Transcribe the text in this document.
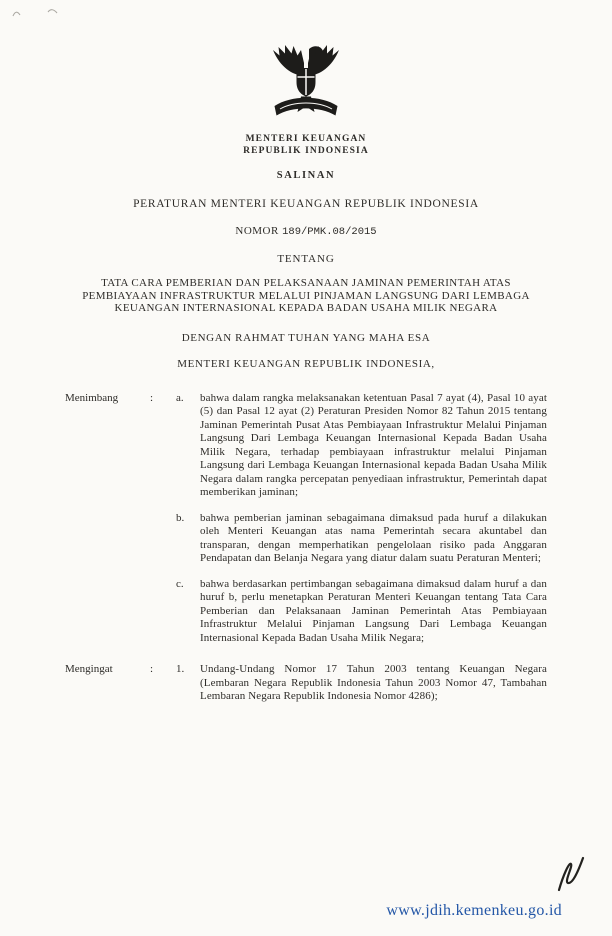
MENTERI KEUANGAN
REPUBLIK INDONESIA
SALINAN
PERATURAN MENTERI KEUANGAN REPUBLIK INDONESIA
NOMOR 189/PMK.08/2015
TENTANG
TATA CARA PEMBERIAN DAN PELAKSANAAN JAMINAN PEMERINTAH ATAS PEMBIAYAAN INFRASTRUKTUR MELALUI PINJAMAN LANGSUNG DARI LEMBAGA KEUANGAN INTERNASIONAL KEPADA BADAN USAHA MILIK NEGARA
DENGAN RAHMAT TUHAN YANG MAHA ESA
MENTERI KEUANGAN REPUBLIK INDONESIA,
Menimbang	:	a.	bahwa dalam rangka melaksanakan ketentuan Pasal 7 ayat (4), Pasal 10 ayat (5) dan Pasal 12 ayat (2) Peraturan Presiden Nomor 82 Tahun 2015 tentang Jaminan Pemerintah Pusat Atas Pembiayaan Infrastruktur Melalui Pinjaman Langsung Dari Lembaga Keuangan Internasional Kepada Badan Usaha Milik Negara, terhadap pembiayaan infrastruktur melalui Pinjaman Langsung dari Lembaga Keuangan Internasional kepada Badan Usaha Milik Negara dalam rangka percepatan penyediaan infrastruktur, Pemerintah dapat memberikan jaminan;
b.	bahwa pemberian jaminan sebagaimana dimaksud pada huruf a dilakukan oleh Menteri Keuangan atas nama Pemerintah secara akuntabel dan transparan, dengan memperhatikan pengelolaan risiko pada Anggaran Pendapatan dan Belanja Negara yang diatur dalam suatu Peraturan Menteri;
c.	bahwa berdasarkan pertimbangan sebagaimana dimaksud dalam huruf a dan huruf b, perlu menetapkan Peraturan Menteri Keuangan tentang Tata Cara Pemberian dan Pelaksanaan Jaminan Pemerintah Atas Pembiayaan Infrastruktur Melalui Pinjaman Langsung Dari Lembaga Keuangan Internasional Kepada Badan Usaha Milik Negara;
Mengingat	:	1.	Undang-Undang Nomor 17 Tahun 2003 tentang Keuangan Negara (Lembaran Negara Republik Indonesia Tahun 2003 Nomor 47, Tambahan Lembaran Negara Republik Indonesia Nomor 4286);
www.jdih.kemenkeu.go.id
